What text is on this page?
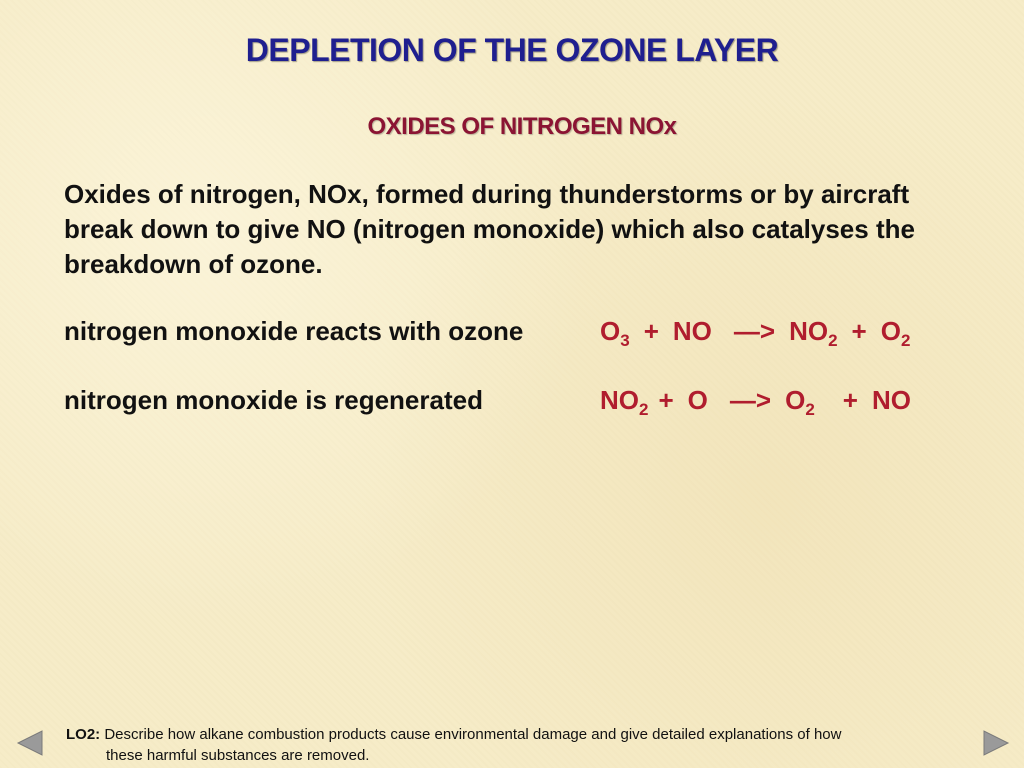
DEPLETION OF THE OZONE LAYER
OXIDES OF NITROGEN NOx
Oxides of nitrogen, NOx, formed during thunderstorms or by aircraft break down to give NO (nitrogen monoxide) which also catalyses the breakdown of ozone.
nitrogen monoxide reacts with ozone	$O_3$ + NO —> $NO_2 + O_2$
nitrogen monoxide is regenerated	$NO_2 + O$ —> $O_2$ + NO
LO2: Describe how alkane combustion products cause environmental damage and give detailed explanations of how
these harmful substances are removed.
